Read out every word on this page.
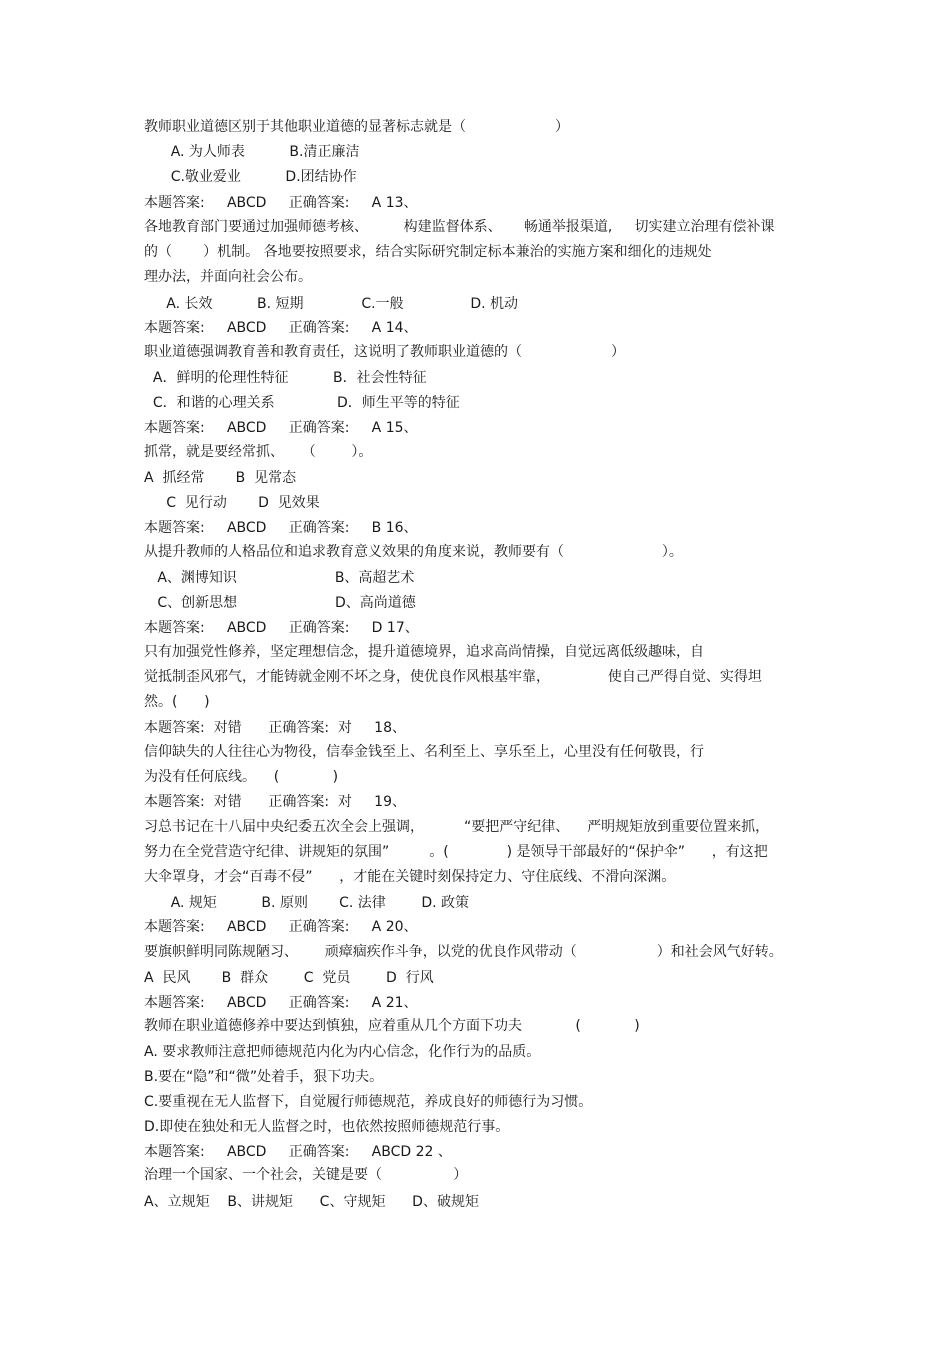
教师职业道德区别于其他职业道德的显著标志就是（                    ）
A. 为人师表          B.清正廉洁
C.敬业爱业          D.团结协作
本题答案:     ABCD     正确答案:     A 13、
各地教育部门要通过加强师德考核、        构建监督体系、     畅通举报渠道,     切实建立治理有偿补课
的（       ）机制。 各地要按照要求，结合实际研究制定标本兼治的实施方案和细化的违规处
理办法，并面向社会公布。
A. 长效          B. 短期             C.一般               D. 机动
本题答案:     ABCD     正确答案:     A 14、
职业道德强调教育善和教育责任，这说明了教师职业道德的（                    ）
A．鲜明的伦理性特征          B．社会性特征
C．和谐的心理关系              D．师生平等的特征
本题答案:     ABCD     正确答案:     A 15、
抓常，就是要经常抓、    （        ）。
A  抓经常       B  见常态
C  见行动       D  见效果
本题答案:     ABCD     正确答案:     B 16、
从提升教师的人格品位和追求教育意义效果的角度来说，教师要有（                      ）。
A、渊博知识                      B、高超艺术
C、创新思想                      D、高尚道德
本题答案:     ABCD     正确答案:     D 17、
只有加强党性修养，坚定理想信念，提升道德境界，追求高尚情操，自觉远离低级趣味，自
觉抵制歪风邪气，才能铸就金刚不坏之身，使优良作风根基牢靠，             使自己严得自觉、实得坦
然。(      )
本题答案:  对错      正确答案:  对     18、
信仰缺失的人往往心为物役，信奉金钱至上、名利至上、享乐至上，心里没有任何敬畏，行
为没有任何底线。    (            )
本题答案:  对错      正确答案:  对     19、
习总书记在十八届中央纪委五次全会上强调，         “要把严守纪律、    严明规矩放到重要位置来抓，
努力在全党营造守纪律、讲规矩的氛围”         。(             ) 是领导干部最好的“保护伞”      ，有这把
大伞罩身，才会“百毒不侵”      ，才能在关键时刻保持定力、守住底线、不滑向深渊。
A. 规矩          B. 原则       C. 法律        D. 政策
本题答案:     ABCD     正确答案:     A 20、
要旗帜鲜明同陈规陋习、      顽瘴痼疾作斗争，以党的优良作风带动（                  ）和社会风气好转。
A  民风       B  群众        C  党员        D  行风
本题答案:     ABCD     正确答案:     A 21、
教师在职业道德修养中要达到慎独，应着重从几个方面下功夫            (            )
A. 要求教师注意把师德规范内化为内心信念，化作行为的品质。
B.要在“隐”和“微”处着手，狠下功夫。
C.要重视在无人监督下，自觉履行师德规范，养成良好的师德行为习惯。
D.即使在独处和无人监督之时，也依然按照师德规范行事。
本题答案:     ABCD     正确答案:     ABCD 22 、
治理一个国家、一个社会，关键是要（                ）
A、立规矩    B、讲规矩      C、守规矩      D、破规矩
